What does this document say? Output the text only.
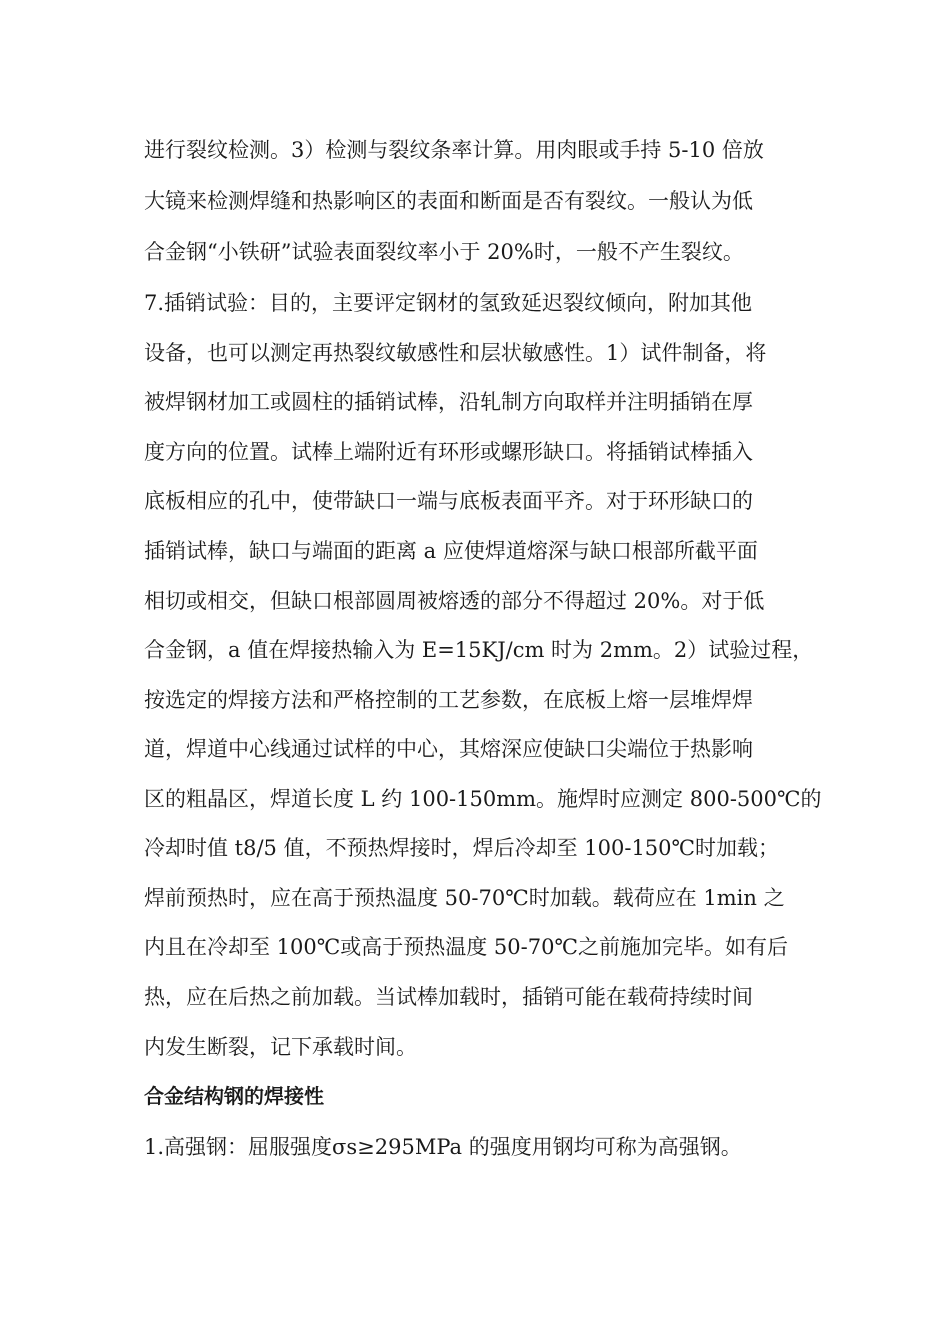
进行裂纹检测。3）检测与裂纹条率计算。用肉眼或手持 5-10 倍放
大镜来检测焊缝和热影响区的表面和断面是否有裂纹。一般认为低
合金钢“小铁研”试验表面裂纹率小于 20%时，一般不产生裂纹。
7.插销试验：目的，主要评定钢材的氢致延迟裂纹倾向，附加其他
设备，也可以测定再热裂纹敏感性和层状敏感性。1）试件制备，将
被焊钢材加工或圆柱的插销试棒，沿轧制方向取样并注明插销在厚
度方向的位置。试棒上端附近有环形或螺形缺口。将插销试棒插入
底板相应的孔中，使带缺口一端与底板表面平齐。对于环形缺口的
插销试棒，缺口与端面的距离 a 应使焊道熔深与缺口根部所截平面
相切或相交，但缺口根部圆周被熔透的部分不得超过 20%。对于低
合金钢，a 值在焊接热输入为 E=15KJ/cm 时为 2mm。2）试验过程，
按选定的焊接方法和严格控制的工艺参数，在底板上熔一层堆焊焊
道，焊道中心线通过试样的中心，其熔深应使缺口尖端位于热影响
区的粗晶区，焊道长度 L 约 100-150mm。施焊时应测定 800-500℃的
冷却时值 t8/5 值，不预热焊接时，焊后冷却至 100-150℃时加载；
焊前预热时，应在高于预热温度 50-70℃时加载。载荷应在 1min 之
内且在冷却至 100℃或高于预热温度 50-70℃之前施加完毕。如有后
热，应在后热之前加载。当试棒加载时，插销可能在载荷持续时间
内发生断裂，记下承载时间。
合金结构钢的焊接性
1.高强钢：屈服强度σs≥295MPa 的强度用钢均可称为高强钢。
